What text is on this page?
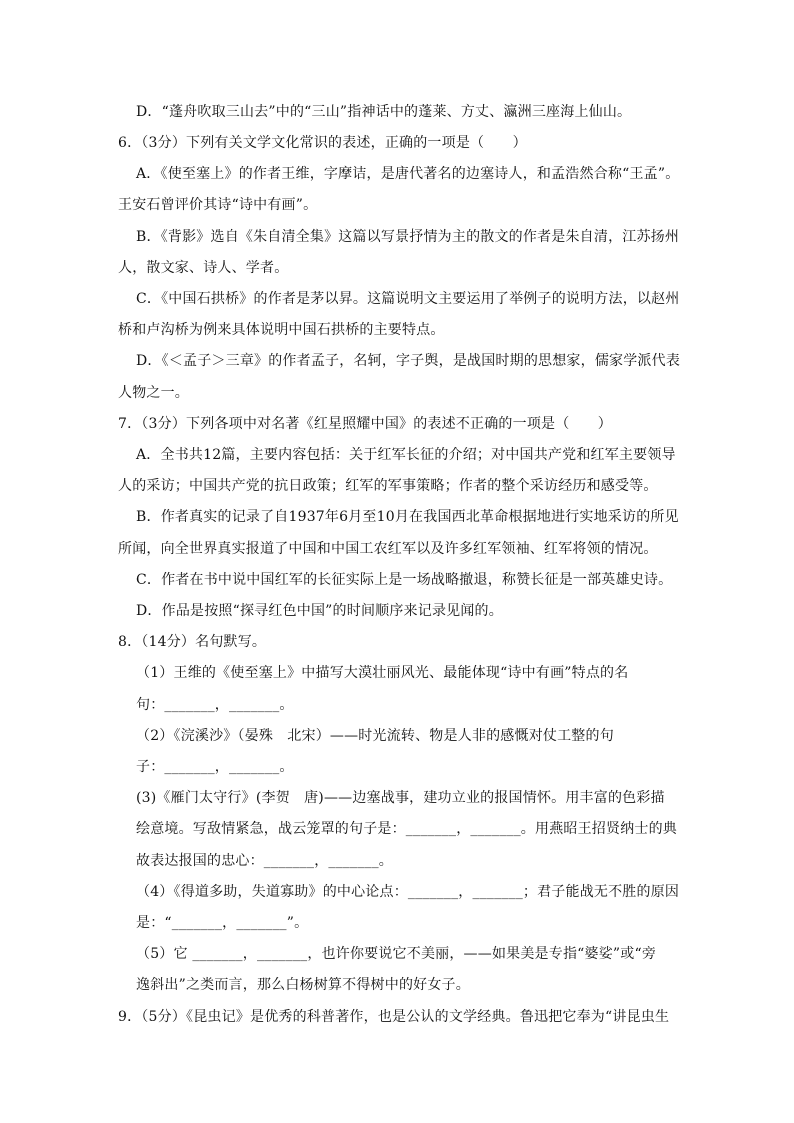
D．“蓬舟吹取三山去”中的“三山”指神话中的蓬莱、方丈、瀛洲三座海上仙山。
6．（3分）下列有关文学文化常识的表述，正确的一项是（　　）
A．《使至塞上》的作者王维，字摩诘，是唐代著名的边塞诗人，和孟浩然合称“王孟”。
王安石曾评价其诗“诗中有画”。
B．《背影》选自《朱自清全集》这篇以写景抒情为主的散文的作者是朱自清，江苏扬州
人，散文家、诗人、学者。
C．《中国石拱桥》的作者是茅以昇。这篇说明文主要运用了举例子的说明方法，以赵州
桥和卢沟桥为例来具体说明中国石拱桥的主要特点。
D．《＜孟子＞三章》的作者孟子，名轲，字子舆，是战国时期的思想家，儒家学派代表
人物之一。
7．（3分）下列各项中对名著《红星照耀中国》的表述不正确的一项是（　　）
A．全书共12篇，主要内容包括：关于红军长征的介绍；对中国共产党和红军主要领导
人的采访；中国共产党的抗日政策；红军的军事策略；作者的整个采访经历和感受等。
B．作者真实的记录了自1937年6月至10月在我国西北革命根据地进行实地采访的所见
所闻，向全世界真实报道了中国和中国工农红军以及许多红军领袖、红军将领的情况。
C．作者在书中说中国红军的长征实际上是一场战略撤退，称赞长征是一部英雄史诗。
D．作品是按照“探寻红色中国”的时间顺序来记录见闻的。
8．（14分）名句默写。
（1）王维的《使至塞上》中描写大漠壮丽风光、最能体现“诗中有画”特点的名
句：_______，_______。
（2）《浣溪沙》（晏殊　北宋）——时光流转、物是人非的感慨对仗工整的句
子：_______，_______。
(3)《雁门太守行》(李贺　唐)——边塞战事，建功立业的报国情怀。用丰富的色彩描
绘意境。写敌情紧急，战云笼罩的句子是：_______，_______。用燕昭王招贤纳士的典
故表达报国的忠心：_______，_______。
（4）《得道多助，失道寡助》的中心论点：_______，_______；君子能战无不胜的原因
是：“_______，_______”。
（5）它 _______，_______，也许你要说它不美丽，——如果美是专指“婆娑”或“旁
逸斜出”之类而言，那么白杨树算不得树中的好女子。
9．（5分）《昆虫记》是优秀的科普著作，也是公认的文学经典。鲁迅把它奉为“讲昆虫生
